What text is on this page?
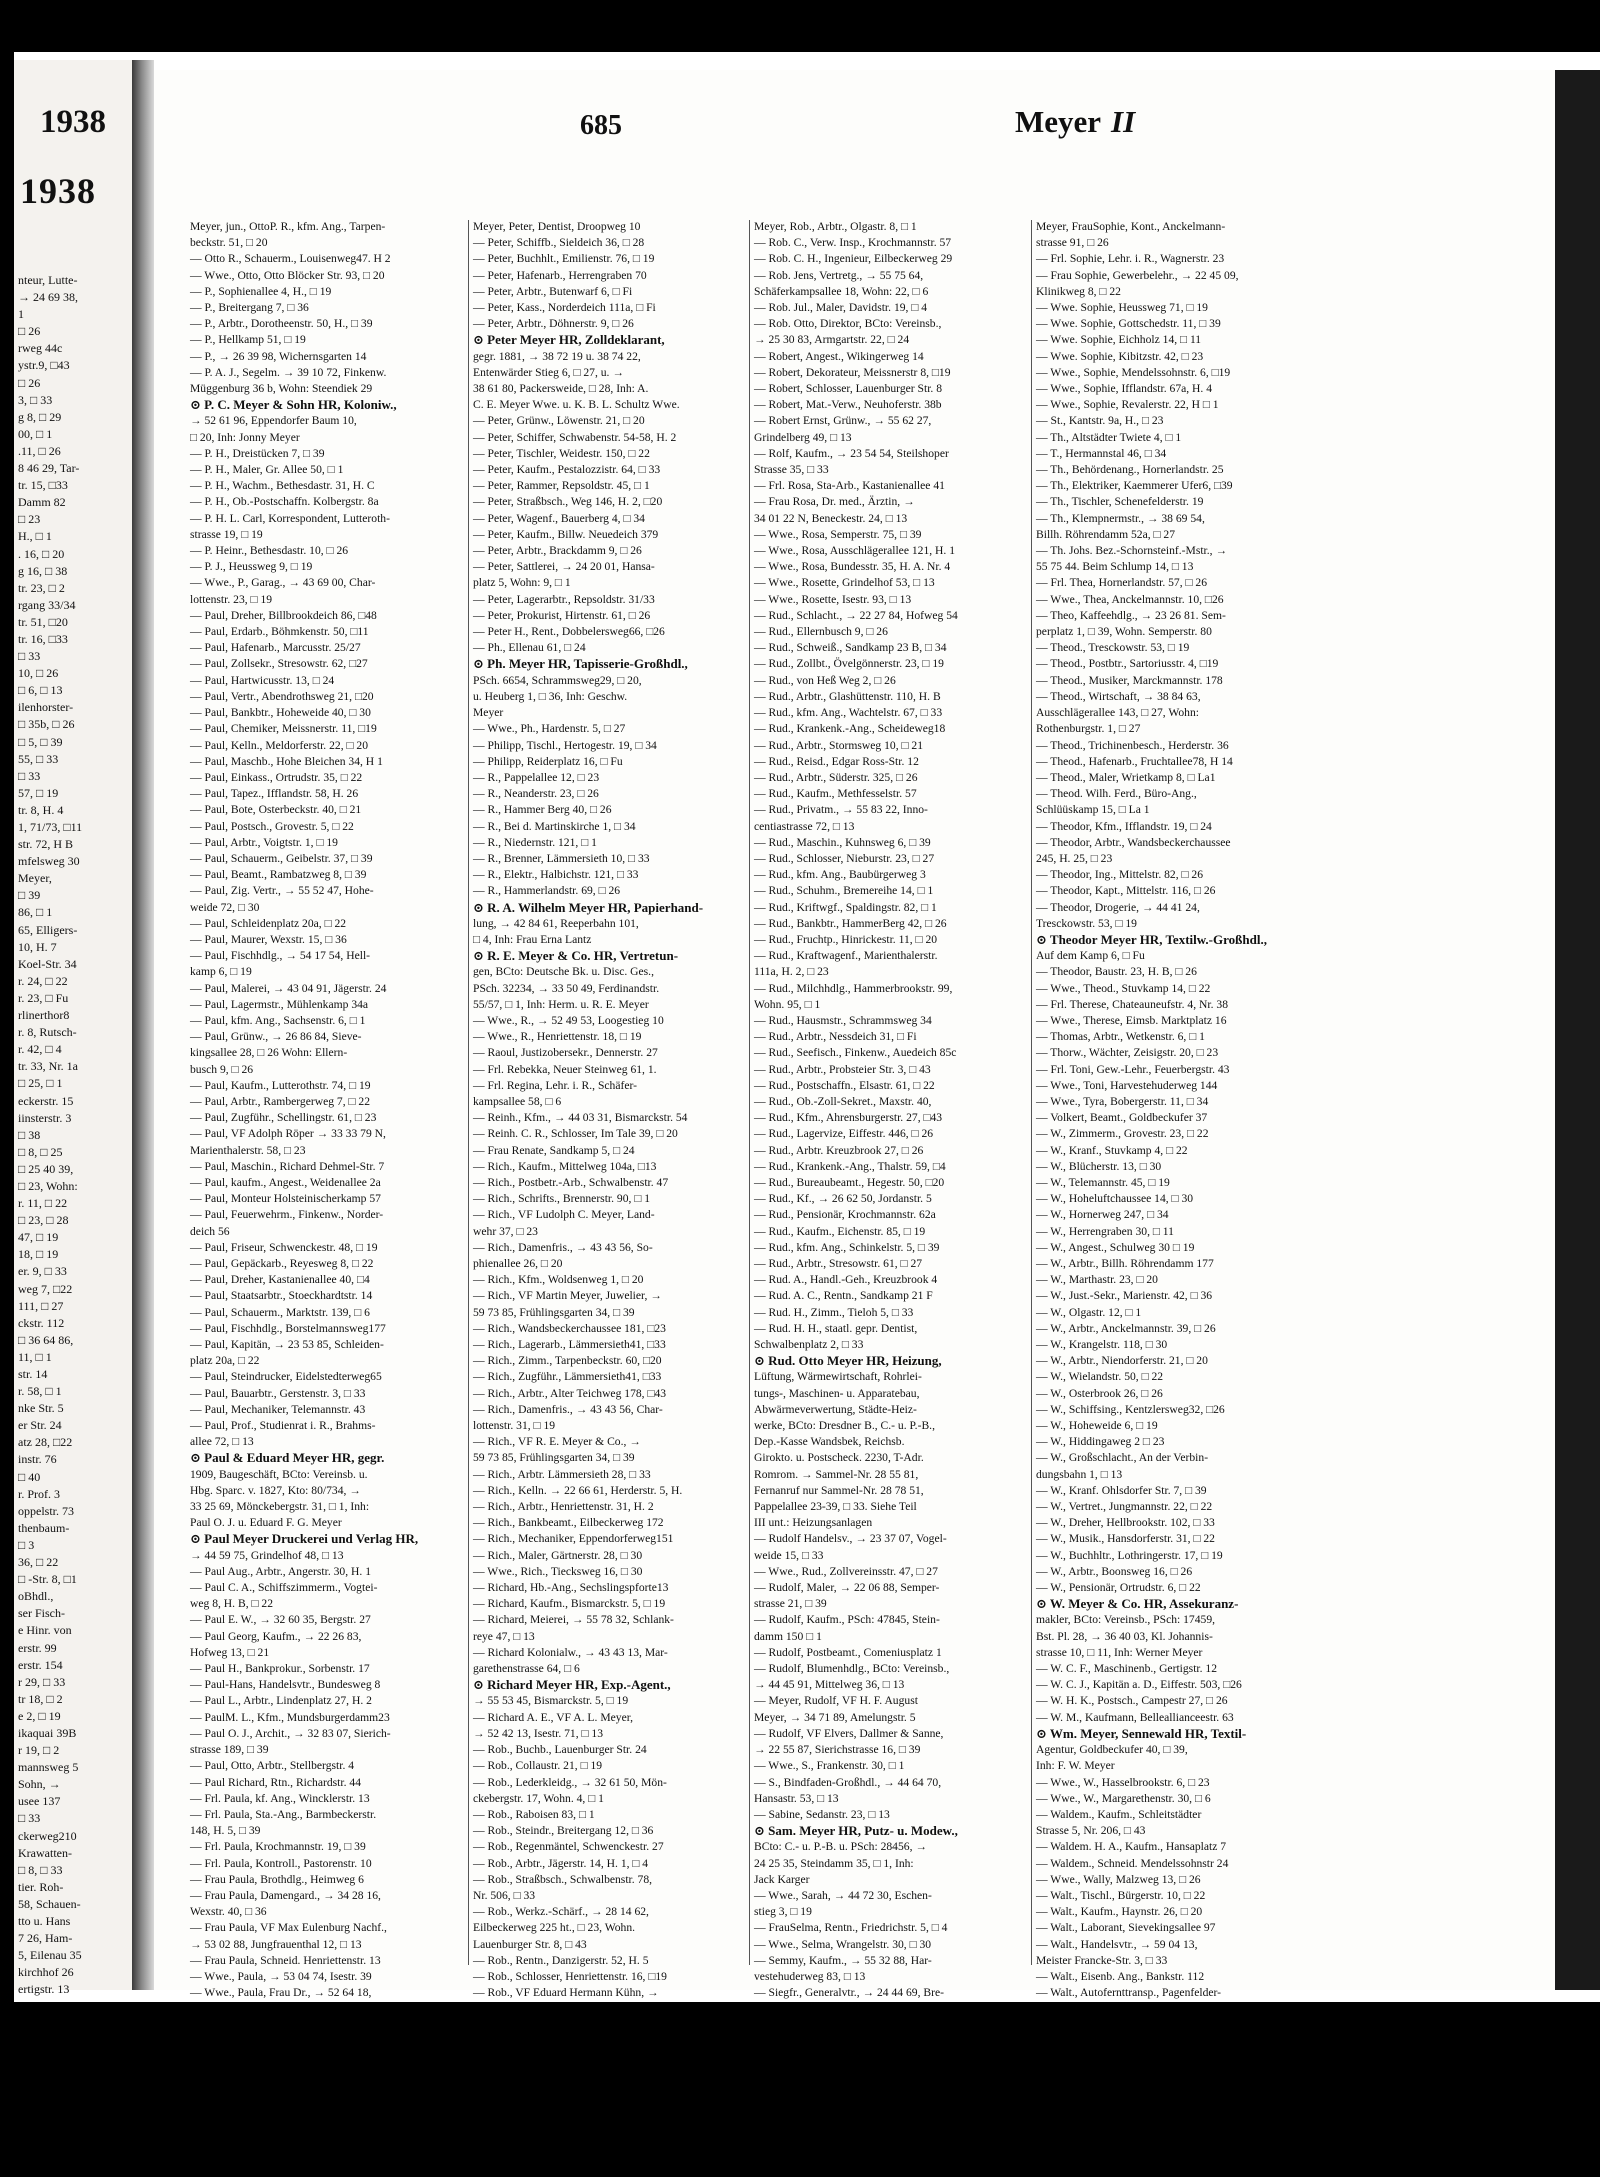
1938
nteur, Lutte-
→ 24 69 38,
1
□ 26
rweg 44c
ystr.9, □43
□ 26
3, □ 33
g 8, □ 29
00, □ 1
.11, □ 26
8 46 29, Tar-
tr. 15, □33
Damm 82
□ 23
H., □ 1
. 16, □ 20
g 16, □ 38
tr. 23, □ 2
rgang 33/34
tr. 51, □20
tr. 16, □33
□ 33
10, □ 26
□ 6, □ 13
ilenhorster-
□ 35b, □ 26
□ 5, □ 39
55, □ 33
□ 33
57, □ 19
tr. 8, H. 4
1, 71/73, □11
str. 72, H B
mfelsweg 30
Meyer,
□ 39
86, □ 1
65, Elligers-
10, H. 7
Koel-Str. 34
r. 24, □ 22
r. 23, □ Fu
rlinerthor8
r. 8, Rutsch-
r. 42, □ 4
tr. 33, Nr. 1a
□ 25, □ 1
eckerstr. 15
iinsterstr. 3
□ 38
□ 8, □ 25
□ 25 40 39,
□ 23, Wohn:
r. 11, □ 22
□ 23, □ 28
47, □ 19
18, □ 19
er. 9, □ 33
weg 7, □22
111, □ 27
ckstr. 112
□ 36 64 86,
11, □ 1
str. 14
r. 58, □ 1
nke Str. 5
er Str. 24
atz 28, □22
instr. 76
□ 40
r. Prof. 3
oppelstr. 73
thenbaum-
□ 3
36, □ 22
□ -Str. 8, □1
oBhdl.,
ser Fisch-
e Hinr. von
erstr. 99
erstr. 154
r 29, □ 33
tr 18, □ 2
e 2, □ 19
ikaquai 39B
r 19, □ 2
mannsweg 5
Sohn, →
usee 137
□ 33
ckerweg210
Krawatten-
□ 8, □ 33
tier. Roh-
58, Schauen-
tto u. Hans
7 26, Ham-
5, Eilenau 35
kirchhof 26
ertigstr. 13
1938	685	Meyer II
Meyer, jun., OttoP. R., kfm. Ang., Tarpen-
beckstr. 51, □ 20
— Otto R., Schauerm., Louisenweg47. H 2
— Wwe., Otto, Otto Blöcker Str. 93, □ 20
— P., Sophienallee 4, H., □ 19
— P., Breitergang 7, □ 36
— P., Arbtr., Dorotheenstr. 50, H., □ 39
— P., Hellkamp 51, □ 19
— P., → 26 39 98, Wichernsgarten 14
— P. A. J., Segelm. → 39 10 72, Finkenw.
Müggenburg 36 b, Wohn: Steendiek 29
⊙ P. C. Meyer & Sohn HR, Koloniw.,
→ 52 61 96, Eppendorfer Baum 10,
□ 20, Inh: Jonny Meyer
— P. H., Dreistücken 7, □ 39
— P. H., Maler, Gr. Allee 50, □ 1
— P. H., Wachm., Bethesdastr. 31, H. C
— P. H., Ob.-Postschaffn. Kolbergstr. 8a
— P. H. L. Carl, Korrespondent, Lutteroth-
strasse 19, □ 19
— P. Heinr., Bethesdastr. 10, □ 26
— P. J., Heussweg 9, □ 19
— Wwe., P., Garag., → 43 69 00, Char-
lottenstr. 23, □ 19
— Paul, Dreher, Billbrookdeich 86, □48
— Paul, Erdarb., Böhmkenstr. 50, □11
— Paul, Hafenarb., Marcusstr. 25/27
— Paul, Zollsekr., Stresowstr. 62, □27
— Paul, Hartwicusstr. 13, □ 24
— Paul, Vertr., Abendrothsweg 21, □20
— Paul, Bankbtr., Hoheweide 40, □ 30
— Paul, Chemiker, Meissnerstr. 11, □19
— Paul, Kelln., Meldorferstr. 22, □ 20
— Paul, Maschb., Hohe Bleichen 34, H 1
— Paul, Einkass., Ortrudstr. 35, □ 22
— Paul, Tapez., Ifflandstr. 58, H. 26
— Paul, Bote, Osterbeckstr. 40, □ 21
— Paul, Postsch., Grovestr. 5, □ 22
— Paul, Arbtr., Voigtstr. 1, □ 19
— Paul, Schauerm., Geibelstr. 37, □ 39
— Paul, Beamt., Rambatzweg 8, □ 39
— Paul, Zig. Vertr., → 55 52 47, Hohe-
weide 72, □ 30
— Paul, Schleidenplatz 20a, □ 22
— Paul, Maurer, Wexstr. 15, □ 36
— Paul, Fischhdlg., → 54 17 54, Hell-
kamp 6, □ 19
— Paul, Malerei, → 43 04 91, Jägerstr. 24
— Paul, Lagermstr., Mühlenkamp 34a
— Paul, kfm. Ang., Sachsenstr. 6, □ 1
— Paul, Grünw., → 26 86 84, Sieve-
kingsallee 28, □ 26 Wohn: Ellern-
busch 9, □ 26
— Paul, Kaufm., Lutterothstr. 74, □ 19
— Paul, Arbtr., Rambergerweg 7, □ 22
— Paul, Zugführ., Schellingstr. 61, □ 23
— Paul, VF Adolph Röper → 33 33 79 N,
Marienthalerstr. 58, □ 23
— Paul, Maschin., Richard Dehmel-Str. 7
— Paul, kaufm., Angest., Weidenallee 2a
— Paul, Monteur Holsteinischerkamp 57
— Paul, Feuerwehrm., Finkenw., Norder-
deich 56
— Paul, Friseur, Schwenckestr. 48, □ 19
— Paul, Gepäckarb., Reyesweg 8, □ 22
— Paul, Dreher, Kastanienallee 40, □4
— Paul, Staatsarbtr., Stoeckhardtstr. 14
— Paul, Schauerm., Marktstr. 139, □ 6
— Paul, Fischhdlg., Borstelmannsweg177
— Paul, Kapitän, → 23 53 85, Schleiden-
platz 20a, □ 22
— Paul, Steindrucker, Eidelstedterweg65
— Paul, Bauarbtr., Gerstenstr. 3, □ 33
— Paul, Mechaniker, Telemannstr. 43
— Paul, Prof., Studienrat i. R., Brahms-
allee 72, □ 13
⊙ Paul & Eduard Meyer HR, gegr.
1909, Baugeschäft, BCto: Vereinsb. u.
Hbg. Sparc. v. 1827, Kto: 80/734, →
33 25 69, Mönckebergstr. 31, □ 1, Inh:
Paul O. J. u. Eduard F. G. Meyer
⊙ Paul Meyer Druckerei und Verlag HR,
→ 44 59 75, Grindelhof 48, □ 13
— Paul Aug., Arbtr., Angerstr. 30, H. 1
— Paul C. A., Schiffszimmerm., Vogtei-
weg 8, H. B, □ 22
— Paul E. W., → 32 60 35, Bergstr. 27
— Paul Georg, Kaufm., → 22 26 83,
Hofweg 13, □ 21
— Paul H., Bankprokur., Sorbenstr. 17
— Paul-Hans, Handelsvtr., Bundesweg 8
— Paul L., Arbtr., Lindenplatz 27, H. 2
— PaulM. L., Kfm., Mundsburgerdamm23
— Paul O. J., Archit., → 32 83 07, Sierich-
strasse 189, □ 39
— Paul, Otto, Arbtr., Stellbergstr. 4
— Paul Richard, Rtn., Richardstr. 44
— Frl. Paula, kf. Ang., Wincklerstr. 13
— Frl. Paula, Sta.-Ang., Barmbeckerstr.
148, H. 5, □ 39
— Frl. Paula, Krochmannstr. 19, □ 39
— Frl. Paula, Kontroll., Pastorenstr. 10
— Frau Paula, Brothdlg., Heimweg 6
— Frau Paula, Damengard., → 34 28 16,
Wexstr. 40, □ 36
— Frau Paula, VF Max Eulenburg Nachf.,
→ 53 02 88, Jungfrauenthal 12, □ 13
— Frau Paula, Schneid. Henriettenstr. 13
— Wwe., Paula, → 53 04 74, Isestr. 39
— Wwe., Paula, Frau Dr., → 52 64 18,
Meyer, Peter, Dentist, Droopweg 10
— Peter, Schiffb., Sieldeich 36, □ 28
— Peter, Buchhlt., Emilienstr. 76, □ 19
— Peter, Hafenarb., Herrengraben 70
— Peter, Arbtr., Butenwarf 6, □ Fi
— Peter, Kass., Norderdeich 111a, □ Fi
— Peter, Arbtr., Döhnerstr. 9, □ 26
⊙ Peter Meyer HR, Zolldeklarant,
gegr. 1881, → 38 72 19 u. 38 74 22,
Entenwärder Stieg 6, □ 27, u. →
38 61 80, Packersweide, □ 28, Inh: A.
C. E. Meyer Wwe. u. K. B. L. Schultz Wwe.
— Peter, Grünw., Löwenstr. 21, □ 20
— Peter, Schiffer, Schwabenstr. 54-58, H. 2
— Peter, Tischler, Weidestr. 150, □ 22
— Peter, Kaufm., Pestalozzistr. 64, □ 33
— Peter, Rammer, Repsoldstr. 45, □ 1
— Peter, Straßbsch., Weg 146, H. 2, □20
— Peter, Wagenf., Bauerberg 4, □ 34
— Peter, Kaufm., Billw. Neuedeich 379
— Peter, Arbtr., Brackdamm 9, □ 26
— Peter, Sattlerei, → 24 20 01, Hansa-
platz 5, Wohn: 9, □ 1
— Peter, Lagerarbtr., Repsoldstr. 31/33
— Peter, Prokurist, Hirtenstr. 61, □ 26
— Peter H., Rent., Dobbelersweg66, □26
— Ph., Ellenau 61, □ 24
⊙ Ph. Meyer HR, Tapisserie-Großhdl.,
PSch. 6654, Schrammsweg29, □ 20,
u. Heuberg 1, □ 36, Inh: Geschw.
Meyer
— Wwe., Ph., Hardenstr. 5, □ 27
— Philipp, Tischl., Hertogestr. 19, □ 34
— Philipp, Reiderplatz 16, □ Fu
— R., Pappelallee 12, □ 23
— R., Neanderstr. 23, □ 26
— R., Hammer Berg 40, □ 26
— R., Bei d. Martinskirche 1, □ 34
— R., Niedernstr. 121, □ 1
— R., Brenner, Lämmersieth 10, □ 33
— R., Elektr., Halbichstr. 121, □ 33
— R., Hammerlandstr. 69, □ 26
⊙ R. A. Wilhelm Meyer HR, Papierhand-
lung, → 42 84 61, Reeperbahn 101,
□ 4, Inh: Frau Erna Lantz
⊙ R. E. Meyer & Co. HR, Vertretun-
gen, BCto: Deutsche Bk. u. Disc. Ges.,
PSch. 32234, → 33 50 49, Ferdinandstr.
55/57, □ 1, Inh: Herm. u. R. E. Meyer
— Wwe., R., → 52 49 53, Loogestieg 10
— Wwe., R., Henriettenstr. 18, □ 19
— Raoul, Justizobersekr., Dennerstr. 27
— Frl. Rebekka, Neuer Steinweg 61, 1.
— Frl. Regina, Lehr. i. R., Schäfer-
kampsallee 58, □ 6
— Reinh., Kfm., → 44 03 31, Bismarckstr. 54
— Reinh. C. R., Schlosser, Im Tale 39, □ 20
— Frau Renate, Sandkamp 5, □ 24
— Rich., Kaufm., Mittelweg 104a, □13
— Rich., Postbetr.-Arb., Schwalbenstr. 47
— Rich., Schrifts., Brennerstr. 90, □ 1
— Rich., VF Ludolph C. Meyer, Land-
wehr 37, □ 23
— Rich., Damenfris., → 43 43 56, So-
phienallee 26, □ 20
— Rich., Kfm., Woldsenweg 1, □ 20
— Rich., VF Martin Meyer, Juwelier, →
59 73 85, Frühlingsgarten 34, □ 39
— Rich., Wandsbeckerchaussee 181, □23
— Rich., Lagerarb., Lämmersieth41, □33
— Rich., Zimm., Tarpenbeckstr. 60, □20
— Rich., Zugführ., Lämmersieth41, □33
— Rich., Arbtr., Alter Teichweg 178, □43
— Rich., Damenfris., → 43 43 56, Char-
lottenstr. 31, □ 19
— Rich., VF R. E. Meyer & Co., →
59 73 85, Frühlingsgarten 34, □ 39
— Rich., Arbtr. Lämmersieth 28, □ 33
— Rich., Kelln. → 22 66 61, Herderstr. 5, H.
— Rich., Arbtr., Henriettenstr. 31, H. 2
— Rich., Bankbeamt., Eilbeckerweg 172
— Rich., Mechaniker, Eppendorferweg151
— Rich., Maler, Gärtnerstr. 28, □ 30
— Wwe., Rich., Tiecksweg 16, □ 30
— Richard, Hb.-Ang., Sechslingspforte13
— Richard, Kaufm., Bismarckstr. 5, □ 19
— Richard, Meierei, → 55 78 32, Schlank-
reye 47, □ 13
— Richard Kolonialw., → 43 43 13, Mar-
garethenstrasse 64, □ 6
⊙ Richard Meyer HR, Exp.-Agent.,
→ 55 53 45, Bismarckstr. 5, □ 19
— Richard A. E., VF A. L. Meyer,
→ 52 42 13, Isestr. 71, □ 13
— Rob., Buchb., Lauenburger Str. 24
— Rob., Collaustr. 21, □ 19
— Rob., Lederkleidg., → 32 61 50, Mön-
ckebergstr. 17, Wohn. 4, □ 1
— Rob., Raboisen 83, □ 1
— Rob., Steindr., Breitergang 12, □ 36
— Rob., Regenmäntel, Schwenckestr. 27
— Rob., Arbtr., Jägerstr. 14, H. 1, □ 4
— Rob., Straßbsch., Schwalbenstr. 78,
Nr. 506, □ 33
— Rob., Werkz.-Schärf., → 28 14 62,
Eilbeckerweg 225 ht., □ 23, Wohn.
Lauenburger Str. 8, □ 43
— Rob., Rentn., Danzigerstr. 52, H. 5
— Rob., Schlosser, Henriettenstr. 16, □19
— Rob., VF Eduard Hermann Kühn, →
Meyer, Rob., Arbtr., Olgastr. 8, □ 1
— Rob. C., Verw. Insp., Krochmannstr. 57
— Rob. C. H., Ingenieur, Eilbeckerweg 29
— Rob. Jens, Vertretg., → 55 75 64,
Schäferkampsallee 18, Wohn: 22, □ 6
— Rob. Jul., Maler, Davidstr. 19, □ 4
— Rob. Otto, Direktor, BCto: Vereinsb.,
→ 25 30 83, Armgartstr. 22, □ 24
— Robert, Angest., Wikingerweg 14
— Robert, Dekorateur, Meissnerstr 8, □19
— Robert, Schlosser, Lauenburger Str. 8
— Robert, Mat.-Verw., Neuhoferstr. 38b
— Robert Ernst, Grünw., → 55 62 27,
Grindelberg 49, □ 13
— Rolf, Kaufm., → 23 54 54, Steilshoper
Strasse 35, □ 33
— Frl. Rosa, Sta-Arb., Kastanienallee 41
— Frau Rosa, Dr. med., Ärztin, →
34 01 22 N, Beneckestr. 24, □ 13
— Wwe., Rosa, Semperstr. 75, □ 39
— Wwe., Rosa, Ausschlägerallee 121, H. 1
— Wwe., Rosa, Bundesstr. 35, H. A. Nr. 4
— Wwe., Rosette, Grindelhof 53, □ 13
— Wwe., Rosette, Isestr. 93, □ 13
— Rud., Schlacht., → 22 27 84, Hofweg 54
— Rud., Ellernbusch 9, □ 26
— Rud., Schweiß., Sandkamp 23 B, □ 34
— Rud., Zollbt., Övelgönnerstr. 23, □ 19
— Rud., von Heß Weg 2, □ 26
— Rud., Arbtr., Glashüttenstr. 110, H. B
— Rud., kfm. Ang., Wachtelstr. 67, □ 33
— Rud., Krankenk.-Ang., Scheideweg18
— Rud., Arbtr., Stormsweg 10, □ 21
— Rud., Reisd., Edgar Ross-Str. 12
— Rud., Arbtr., Süderstr. 325, □ 26
— Rud., Kaufm., Methfesselstr. 57
— Rud., Privatm., → 55 83 22, Inno-
centiastrasse 72, □ 13
— Rud., Maschin., Kuhnsweg 6, □ 39
— Rud., Schlosser, Nieburstr. 23, □ 27
— Rud., kfm. Ang., Baubürgerweg 3
— Rud., Schuhm., Bremereihe 14, □ 1
— Rud., Kriftwgf., Spaldingstr. 82, □ 1
— Rud., Bankbtr., HammerBerg 42, □ 26
— Rud., Fruchtp., Hinrickestr. 11, □ 20
— Rud., Kraftwagenf., Marienthalerstr.
111a, H. 2, □ 23
— Rud., Milchhdlg., Hammerbrookstr. 99,
Wohn. 95, □ 1
— Rud., Hausmstr., Schrammsweg 34
— Rud., Arbtr., Nessdeich 31, □ Fi
— Rud., Seefisch., Finkenw., Auedeich 85c
— Rud., Arbtr., Probsteier Str. 3, □ 43
— Rud., Postschaffn., Elsastr. 61, □ 22
— Rud., Ob.-Zoll-Sekret., Maxstr. 40,
— Rud., Kfm., Ahrensburgerstr. 27, □43
— Rud., Lagervize, Eiffestr. 446, □ 26
— Rud., Arbtr. Kreuzbrook 27, □ 26
— Rud., Krankenk.-Ang., Thalstr. 59, □4
— Rud., Bureaubeamt., Hegestr. 50, □20
— Rud., Kf., → 26 62 50, Jordanstr. 5
— Rud., Pensionär, Krochmannstr. 62a
— Rud., Kaufm., Eichenstr. 85, □ 19
— Rud., kfm. Ang., Schinkelstr. 5, □ 39
— Rud., Arbtr., Stresowstr. 61, □ 27
— Rud. A., Handl.-Geh., Kreuzbrook 4
— Rud. A. C., Rentn., Sandkamp 21 F
— Rud. H., Zimm., Tieloh 5, □ 33
— Rud. H. H., staatl. gepr. Dentist,
Schwalbenplatz 2, □ 33
⊙ Rud. Otto Meyer HR, Heizung,
Lüftung, Wärmewirtschaft, Rohrlei-
tungs-, Maschinen- u. Apparatebau,
Abwärmeverwertung, Städte-Heiz-
werke, BCto: Dresdner B., C.- u. P.-B.,
Dep.-Kasse Wandsbek, Reichsb.
Girokto. u. Postscheck. 2230, T-Adr.
Romrom. → Sammel-Nr. 28 55 81,
Fernanruf nur Sammel-Nr. 28 78 51,
Pappelallee 23-39, □ 33. Siehe Teil
III unt.: Heizungsanlagen
— Rudolf Handelsv., → 23 37 07, Vogel-
weide 15, □ 33
— Wwe., Rud., Zollvereinsstr. 47, □ 27
— Rudolf, Maler, → 22 06 88, Semper-
strasse 21, □ 39
— Rudolf, Kaufm., PSch: 47845, Stein-
damm 150 □ 1
— Rudolf, Postbeamt., Comeniusplatz 1
— Rudolf, Blumenhdlg., BCto: Vereinsb.,
→ 44 45 91, Mittelweg 36, □ 13
— Meyer, Rudolf, VF H. F. August
Meyer, → 34 71 89, Amelungstr. 5
— Rudolf, VF Elvers, Dallmer & Sanne,
→ 22 55 87, Sierichstrasse 16, □ 39
— Wwe., S., Frankenstr. 30, □ 1
— S., Bindfaden-Großhdl., → 44 64 70,
Hansastr. 53, □ 13
— Sabine, Sedanstr. 23, □ 13
⊙ Sam. Meyer HR, Putz- u. Modew.,
BCto: C.- u. P.-B. u. PSch: 28456, →
24 25 35, Steindamm 35, □ 1, Inh:
Jack Karger
— Wwe., Sarah, → 44 72 30, Eschen-
stieg 3, □ 19
— FrauSelma, Rentn., Friedrichstr. 5, □ 4
— Wwe., Selma, Wrangelstr. 30, □ 30
— Semmy, Kaufm., → 55 32 88, Har-
vestehuderweg 83, □ 13
— Siegfr., Generalvtr., → 24 44 69, Bre-
Meyer, FrauSophie, Kont., Anckelmann-
strasse 91, □ 26
— Frl. Sophie, Lehr. i. R., Wagnerstr. 23
— Frau Sophie, Gewerbelehr., → 22 45 09,
Klinikweg 8, □ 22
— Wwe. Sophie, Heussweg 71, □ 19
— Wwe. Sophie, Gottschedstr. 11, □ 39
— Wwe. Sophie, Eichholz 14, □ 11
— Wwe. Sophie, Kibitzstr. 42, □ 23
— Wwe., Sophie, Mendelssohnstr. 6, □19
— Wwe., Sophie, Ifflandstr. 67a, H. 4
— Wwe., Sophie, Revalerstr. 22, H □ 1
— St., Kantstr. 9a, H., □ 23
— Th., Altstädter Twiete 4, □ 1
— T., Hermannstal 46, □ 34
— Th., Behördenang., Hornerlandstr. 25
— Th., Elektriker, Kaemmerer Ufer6, □39
— Th., Tischler, Schenefelderstr. 19
— Th., Klempnermstr., → 38 69 54,
Billh. Röhrendamm 52a, □ 27
— Th. Johs. Bez.-Schornsteinf.-Mstr., →
55 75 44. Beim Schlump 14, □ 13
— Frl. Thea, Hornerlandstr. 57, □ 26
— Wwe., Thea, Anckelmannstr. 10, □26
— Theo, Kaffeehdlg., → 23 26 81. Sem-
perplatz 1, □ 39, Wohn. Semperstr. 80
— Theod., Tresckowstr. 53, □ 19
— Theod., Postbtr., Sartoriusstr. 4, □19
— Theod., Musiker, Marckmannstr. 178
— Theod., Wirtschaft, → 38 84 63,
Ausschlägerallee 143, □ 27, Wohn:
Rothenburgstr. 1, □ 27
— Theod., Trichinenbesch., Herderstr. 36
— Theod., Hafenarb., Fruchtallee78, H 14
— Theod., Maler, Wrietkamp 8, □ La1
— Theod. Wilh. Ferd., Büro-Ang.,
Schlüüskamp 15, □ La 1
— Theodor, Kfm., Ifflandstr. 19, □ 24
— Theodor, Arbtr., Wandsbeckerchaussee
245, H. 25, □ 23
— Theodor, Ing., Mittelstr. 82, □ 26
— Theodor, Kapt., Mittelstr. 116, □ 26
— Theodor, Drogerie, → 44 41 24,
Tresckowstr. 53, □ 19
⊙ Theodor Meyer HR, Textilw.-Großhdl.,
Auf dem Kamp 6, □ Fu
— Theodor, Baustr. 23, H. B, □ 26
— Wwe., Theod., Stuvkamp 14, □ 22
— Frl. Therese, Chateauneufstr. 4, Nr. 38
— Wwe., Therese, Eimsb. Marktplatz 16
— Thomas, Arbtr., Wetkenstr. 6, □ 1
— Thorw., Wächter, Zeisigstr. 20, □ 23
— Frl. Toni, Gew.-Lehr., Feuerbergstr. 43
— Wwe., Toni, Harvestehuderweg 144
— Wwe., Tyra, Bobergerstr. 11, □ 34
— Volkert, Beamt., Goldbeckufer 37
— W., Zimmerm., Grovestr. 23, □ 22
— W., Kranf., Stuvkamp 4, □ 22
— W., Blücherstr. 13, □ 30
— W., Telemannstr. 45, □ 19
— W., Hoheluftchaussee 14, □ 30
— W., Hornerweg 247, □ 34
— W., Herrengraben 30, □ 11
— W., Angest., Schulweg 30 □ 19
— W., Arbtr., Billh. Röhrendamm 177
— W., Marthastr. 23, □ 20
— W., Just.-Sekr., Marienstr. 42, □ 36
— W., Olgastr. 12, □ 1
— W., Arbtr., Anckelmannstr. 39, □ 26
— W., Krangelstr. 118, □ 30
— W., Arbtr., Niendorferstr. 21, □ 20
— W., Wielandstr. 50, □ 22
— W., Osterbrook 26, □ 26
— W., Schiffsing., Kentzlersweg32, □26
— W., Hoheweide 6, □ 19
— W., Hiddingaweg 2 □ 23
— W., Großschlacht., An der Verbin-
dungsbahn 1, □ 13
— W., Kranf. Ohlsdorfer Str. 7, □ 39
— W., Vertret., Jungmannstr. 22, □ 22
— W., Dreher, Hellbrookstr. 102, □ 33
— W., Musik., Hansdorferstr. 31, □ 22
— W., Buchhltr., Lothringerstr. 17, □ 19
— W., Arbtr., Boonsweg 16, □ 26
— W., Pensionär, Ortrudstr. 6, □ 22
⊙ W. Meyer & Co. HR, Assekuranz-
makler, BCto: Vereinsb., PSch: 17459,
Bst. Pl. 28, → 36 40 03, Kl. Johannis-
strasse 10, □ 11, Inh: Werner Meyer
— W. C. F., Maschinenb., Gertigstr. 12
— W. C. J., Kapitän a. D., Eiffestr. 503, □26
— W. H. K., Postsch., Campestr 27, □ 26
— W. M., Kaufmann, Belleallianceestr. 63
⊙ Wm. Meyer, Sennewald HR, Textil-
Agentur, Goldbeckufer 40, □ 39,
Inh: F. W. Meyer
— Wwe., W., Hasselbrookstr. 6, □ 23
— Wwe., W., Margarethenstr. 30, □ 6
— Waldem., Kaufm., Schleitstädter
Strasse 5, Nr. 206, □ 43
— Waldem. H. A., Kaufm., Hansaplatz 7
— Waldem., Schneid. Mendelssohnstr 24
— Wwe., Wally, Malzweg 13, □ 26
— Walt., Tischl., Bürgerstr. 10, □ 22
— Walt., Kaufm., Haynstr. 26, □ 20
— Walt., Laborant, Sievekingsallee 97
— Walt., Handelsvtr., → 59 04 13,
Meister Francke-Str. 3, □ 33
— Walt., Eisenb. Ang., Bankstr. 112
— Walt., Autofernttransp., Pagenfelder-
